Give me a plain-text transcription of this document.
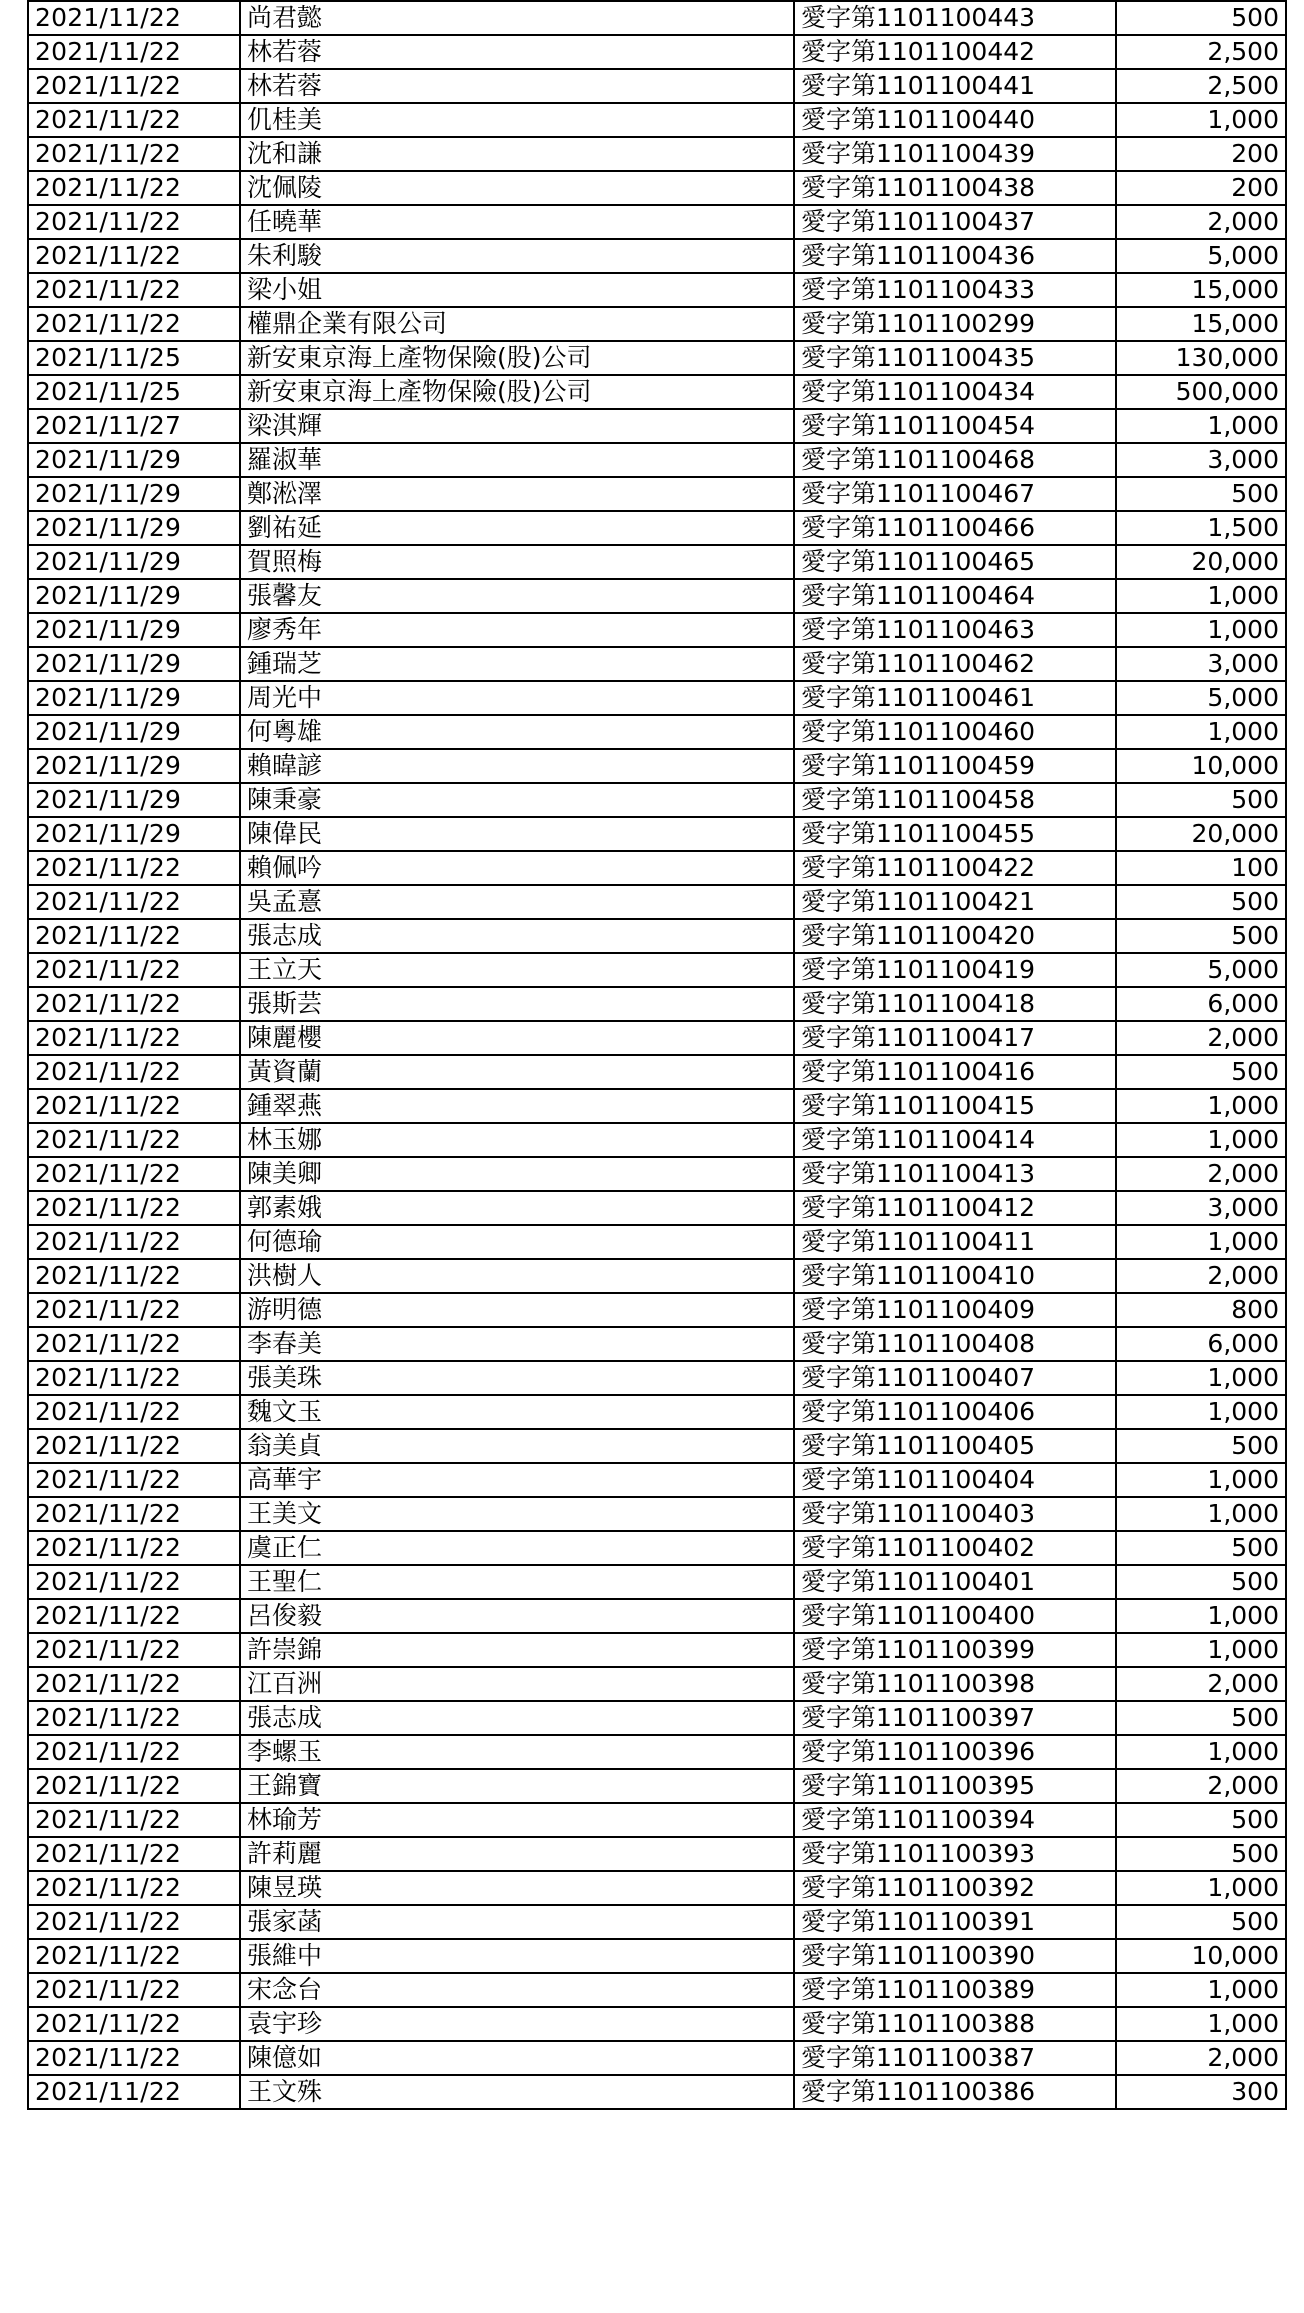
2021/11/22	尚君懿	愛字第1101100443	500
2021/11/22	林若蓉	愛字第1101100442	2,500
2021/11/22	林若蓉	愛字第1101100441	2,500
2021/11/22	仉桂美	愛字第1101100440	1,000
2021/11/22	沈和謙	愛字第1101100439	200
2021/11/22	沈佩陵	愛字第1101100438	200
2021/11/22	任曉華	愛字第1101100437	2,000
2021/11/22	朱利駿	愛字第1101100436	5,000
2021/11/22	梁小姐	愛字第1101100433	15,000
2021/11/22	權鼎企業有限公司	愛字第1101100299	15,000
2021/11/25	新安東京海上產物保險(股)公司	愛字第1101100435	130,000
2021/11/25	新安東京海上產物保險(股)公司	愛字第1101100434	500,000
2021/11/27	梁淇輝	愛字第1101100454	1,000
2021/11/29	羅淑華	愛字第1101100468	3,000
2021/11/29	鄭淞澤	愛字第1101100467	500
2021/11/29	劉祐延	愛字第1101100466	1,500
2021/11/29	賀照梅	愛字第1101100465	20,000
2021/11/29	張馨友	愛字第1101100464	1,000
2021/11/29	廖秀年	愛字第1101100463	1,000
2021/11/29	鍾瑞芝	愛字第1101100462	3,000
2021/11/29	周光中	愛字第1101100461	5,000
2021/11/29	何粵雄	愛字第1101100460	1,000
2021/11/29	賴暐諺	愛字第1101100459	10,000
2021/11/29	陳秉豪	愛字第1101100458	500
2021/11/29	陳偉民	愛字第1101100455	20,000
2021/11/22	賴佩吟	愛字第1101100422	100
2021/11/22	吳孟憙	愛字第1101100421	500
2021/11/22	張志成	愛字第1101100420	500
2021/11/22	王立天	愛字第1101100419	5,000
2021/11/22	張斯芸	愛字第1101100418	6,000
2021/11/22	陳麗櫻	愛字第1101100417	2,000
2021/11/22	黃資蘭	愛字第1101100416	500
2021/11/22	鍾翠燕	愛字第1101100415	1,000
2021/11/22	林玉娜	愛字第1101100414	1,000
2021/11/22	陳美卿	愛字第1101100413	2,000
2021/11/22	郭素娥	愛字第1101100412	3,000
2021/11/22	何德瑜	愛字第1101100411	1,000
2021/11/22	洪樹人	愛字第1101100410	2,000
2021/11/22	游明德	愛字第1101100409	800
2021/11/22	李春美	愛字第1101100408	6,000
2021/11/22	張美珠	愛字第1101100407	1,000
2021/11/22	魏文玉	愛字第1101100406	1,000
2021/11/22	翁美貞	愛字第1101100405	500
2021/11/22	高華宇	愛字第1101100404	1,000
2021/11/22	王美文	愛字第1101100403	1,000
2021/11/22	虞正仁	愛字第1101100402	500
2021/11/22	王聖仁	愛字第1101100401	500
2021/11/22	呂俊毅	愛字第1101100400	1,000
2021/11/22	許崇錦	愛字第1101100399	1,000
2021/11/22	江百洲	愛字第1101100398	2,000
2021/11/22	張志成	愛字第1101100397	500
2021/11/22	李螺玉	愛字第1101100396	1,000
2021/11/22	王錦寶	愛字第1101100395	2,000
2021/11/22	林瑜芳	愛字第1101100394	500
2021/11/22	許莉麗	愛字第1101100393	500
2021/11/22	陳昱瑛	愛字第1101100392	1,000
2021/11/22	張家菡	愛字第1101100391	500
2021/11/22	張維中	愛字第1101100390	10,000
2021/11/22	宋念台	愛字第1101100389	1,000
2021/11/22	袁宇珍	愛字第1101100388	1,000
2021/11/22	陳億如	愛字第1101100387	2,000
2021/11/22	王文殊	愛字第1101100386	300
